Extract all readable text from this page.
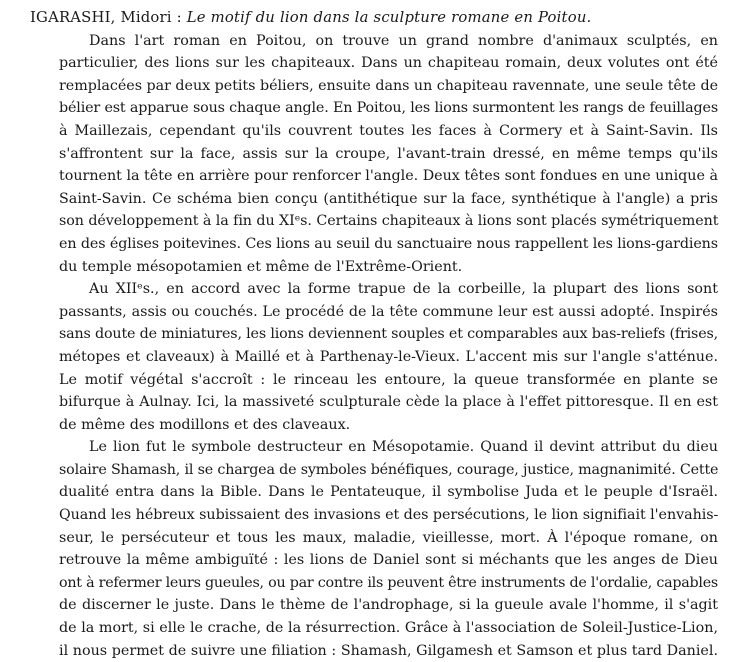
IGARASHI, Midori : Le motif du lion dans la sculpture romane en Poitou.
Dans l'art roman en Poitou, on trouve un grand nombre d'animaux sculptés, en
particulier, des lions sur les chapiteaux. Dans un chapiteau romain, deux volutes ont été
remplacées par deux petits béliers, ensuite dans un chapiteau ravennate, une seule tête de
bélier est apparue sous chaque angle. En Poitou, les lions surmontent les rangs de feuillages
à Maillezais, cependant qu'ils couvrent toutes les faces à Cormery et à Saint-Savin. Ils
s'affrontent sur la face, assis sur la croupe, l'avant-train dressé, en même temps qu'ils
tournent la tête en arrière pour renforcer l'angle. Deux têtes sont fondues en une unique à
Saint-Savin. Ce schéma bien conçu (antithétique sur la face, synthétique à l'angle) a pris
son développement à la fin du XIᵉs. Certains chapiteaux à lions sont placés symétriquement
en des églises poitevines. Ces lions au seuil du sanctuaire nous rappellent les lions-gardiens
du temple mésopotamien et même de l'Extrême-Orient.
Au XIIᵉs., en accord avec la forme trapue de la corbeille, la plupart des lions sont
passants, assis ou couchés. Le procédé de la tête commune leur est aussi adopté. Inspirés
sans doute de miniatures, les lions deviennent souples et comparables aux bas-reliefs (frises,
métopes et claveaux) à Maillé et à Parthenay-le-Vieux. L'accent mis sur l'angle s'atténue.
Le motif végétal s'accroît : le rinceau les entoure, la queue transformée en plante se
bifurque à Aulnay. Ici, la massiveté sculpturale cède la place à l'effet pittoresque. Il en est
de même des modillons et des claveaux.
Le lion fut le symbole destructeur en Mésopotamie. Quand il devint attribut du dieu
solaire Shamash, il se chargea de symboles bénéfiques, courage, justice, magnanimité. Cette
dualité entra dans la Bible. Dans le Pentateuque, il symbolise Juda et le peuple d'Israël.
Quand les hébreux subissaient des invasions et des persécutions, le lion signifiait l'envahis-
seur, le persécuteur et tous les maux, maladie, vieillesse, mort. À l'époque romane, on
retrouve la même ambiguïté : les lions de Daniel sont si méchants que les anges de Dieu
ont à refermer leurs gueules, ou par contre ils peuvent être instruments de l'ordalie, capables
de discerner le juste. Dans le thème de l'androphage, si la gueule avale l'homme, il s'agit
de la mort, si elle le crache, de la résurrection. Grâce à l'association de Soleil-Justice-Lion,
il nous permet de suivre une filiation : Shamash, Gilgamesh et Samson et plus tard Daniel.
